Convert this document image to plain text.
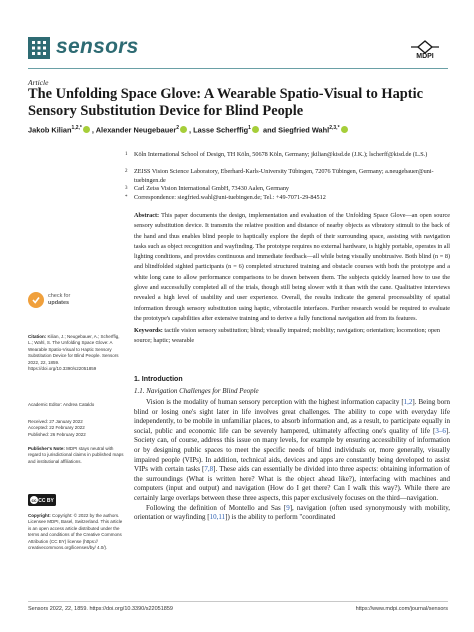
sensors	MDPI
Article
The Unfolding Space Glove: A Wearable Spatio-Visual to Haptic Sensory Substitution Device for Blind People
Jakob Kilian$^{1,2,*}$ , Alexander Neugebauer$^2$ , Lasse Scherffig$^1$ and Siegfried Wahl$^{2,3,*}$
1 Köln International School of Design, TH Köln, 50678 Köln, Germany; jkilian@kisd.de (J.K.); lscherff@kisd.de (L.S.)
2 ZEISS Vision Science Laboratory, Eberhard-Karls-University Tübingen, 72076 Tübingen, Germany; a.neugebauer@uni-tuebingen.de
3 Carl Zeiss Vision International GmbH, 73430 Aalen, Germany
* Correspondence: siegfried.wahl@uni-tuebingen.de; Tel.: +49-7071-29-84512
Abstract: This paper documents the design, implementation and evaluation of the Unfolding Space Glove—an open source sensory substitution device. It transmits the relative position and distance of nearby objects as vibratory stimuli to the back of the hand and thus enables blind people to haptically explore the depth of their surrounding space, assisting with navigation tasks such as object recognition and wayfinding. The prototype requires no external hardware, is highly portable, operates in all lighting conditions, and provides continuous and immediate feedback—all while being visually unobtrusive. Both blind (n = 8) and blindfolded sighted participants (n = 6) completed structured training and obstacle courses with both the prototype and a white long cane to allow performance comparisons to be drawn between them. The subjects quickly learned how to use the glove and successfully completed all of the trials, though still being slower with it than with the cane. Qualitative interviews revealed a high level of usability and user experience. Overall, the results indicate the general processability of spatial information through sensory substitution using haptic, vibrotactile interfaces. Further research would be required to evaluate the prototype's capabilities after extensive training and to derive a fully functional navigation aid from its features.
Keywords: tactile vision sensory substitution; blind; visually impaired; mobility; navigation; orientation; locomotion; open source; haptic; wearable
check for
updates
Citation: Kilian, J.; Neugebauer, A.; Scherffig, L.; Wahl, S. The Unfolding Space Glove: A Wearable Spatio-Visual to Haptic Sensory Substitution Device for Blind People. Sensors 2022, 22, 1859. https://doi.org/10.3390/s22051859
Academic Editor: Andrea Cataldo
Received: 27 January 2022
Accepted: 22 February 2022
Published: 26 February 2022
Publisher's Note: MDPI stays neutral with regard to jurisdictional claims in published maps and institutional affiliations.
cc CC BY
Copyright: Copyright: © 2022 by the authors. Licensee MDPI, Basel, Switzerland. This article is an open access article distributed under the terms and conditions of the Creative Commons Attribution (CC BY) license (https:// creativecommons.org/licenses/by/ 4.0/).
1. Introduction
1.1. Navigation Challenges for Blind People

Vision is the modality of human sensory perception with the highest information capacity [1,2]. Being born blind or losing one's sight later in life involves great challenges. The ability to cope with everyday life independently, to be mobile in unfamiliar places, to absorb information and, as a result, to participate equally in social, public and economic life can be severely hampered, ultimately affecting one's quality of life [3–6]. Society can, of course, address this issue on many levels, for example by ensuring accessibility of information or by designing public spaces to meet the specific needs of blind individuals or, more generally, visually impaired people (VIPs). In addition, technical aids, devices and apps are constantly being developed to assist VIPs with certain tasks [7,8]. These aids can essentially be divided into three aspects: obtaining information of the surroundings (What is written here? What is the object ahead like?), interfacing with machines and computers (input and output) and navigation (How do I get there? Can I walk this way?). While there are certainly large overlaps between these three aspects, this paper exclusively focuses on the third—navigation.

Following the definition of Montello and Sas [9], navigation (often used synonymously with mobility, orientation or wayfinding [10,11]) is the ability to perform "coordinated

Sensors 2022, 22, 1859. https://doi.org/10.3390/s22051859	https://www.mdpi.com/journal/sensors
